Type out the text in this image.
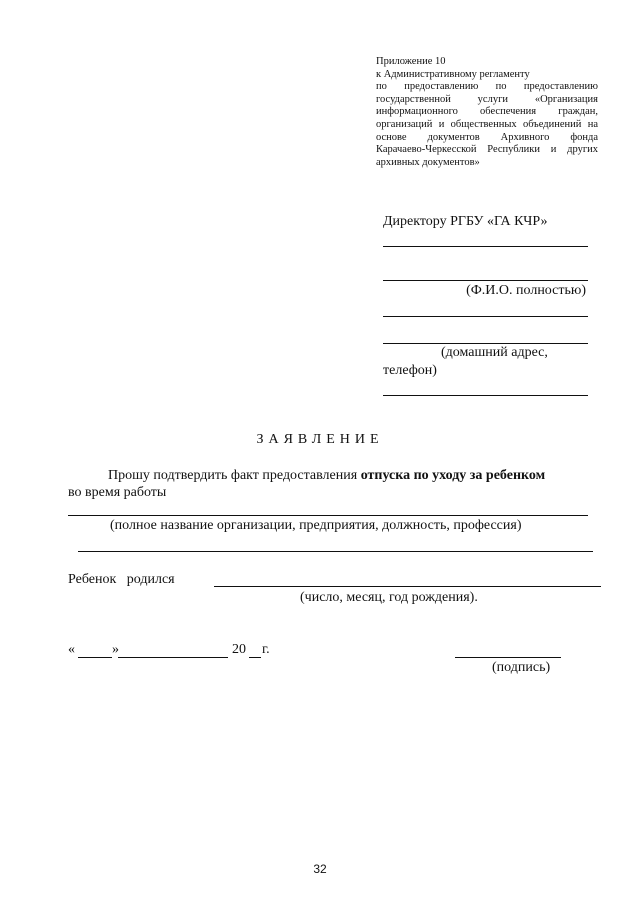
Приложение 10
к Административному регламенту
по предоставлению по предоставлению
государственной услуги «Организация
информационного обеспечения граждан,
организаций и общественных объединений на
основе документов Архивного фонда
Карачаево-Черкесской Республики и других
архивных документов»
Директору РГБУ «ГА КЧР»
(Ф.И.О. полностью)
(домашний адрес,
телефон)
ЗАЯВЛЕНИЕ
Прошу подтвердить факт предоставления отпуска по уходу за ребенком
во время работы
(полное название организации, предприятия, должность, профессия)
Ребенок   родился
(число, месяц, год рождения).
«	»	20 г.
(подпись)
32
